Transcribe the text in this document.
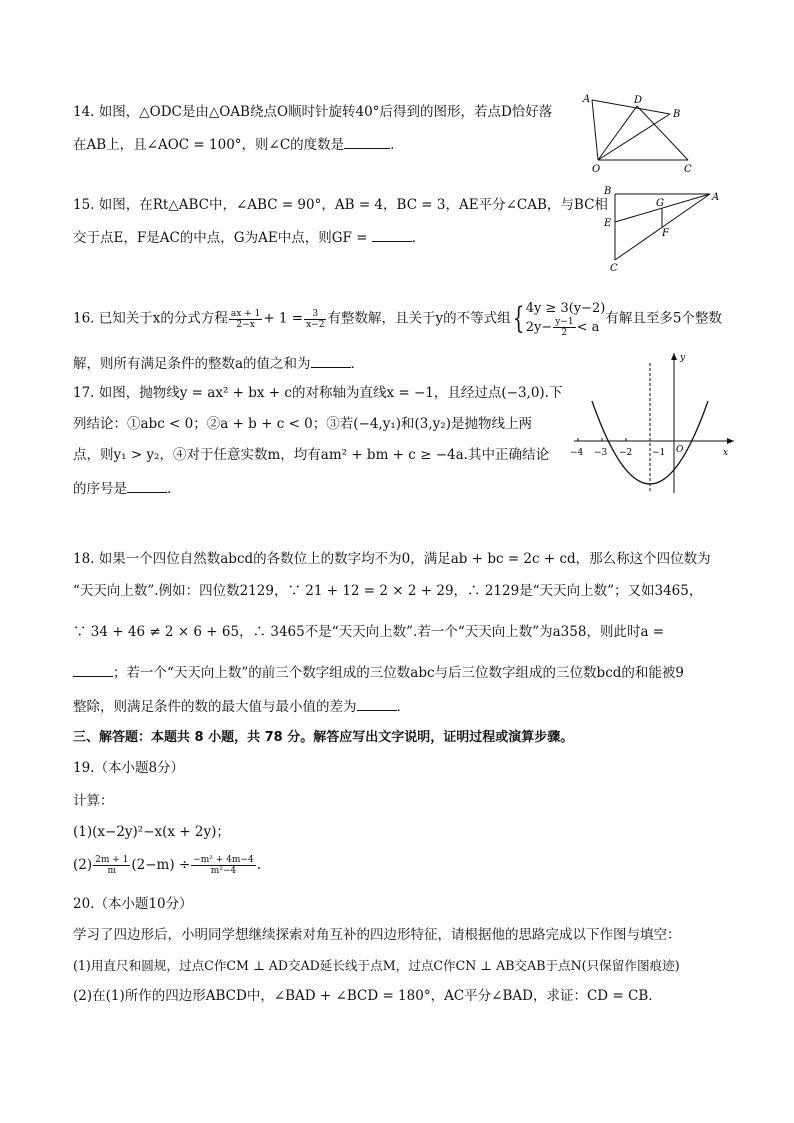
14. 如图，△ODC是由△OAB绕点O顺时针旋转40°后得到的图形，若点D恰好落
在AB上，且∠AOC = 100°，则∠C的度数是	．
A	D
B
O	C
15. 如图，在Rt△ABC中，∠ABC = 90°，AB = 4，BC = 3，AE平分∠CAB，与BC相
交于点E，F是AC的中点，G为AE中点，则GF =	．
B
A
G
E
F
C
16. 已知关于x的分式方程 $\frac{ax + 1}{2-x} + 1 = \frac{3}{x-2}$ 有整数解，且关于y的不等式组{ 4y ≥ 3(y−2)
$2y- \frac{y-1}{2} < a$
有解且至多5个整数
解，则所有满足条件的整数a的值之和为	．
17. 如图，抛物线y = ax² + bx + c的对称轴为直线x = −1，且经过点(−3,0).下
列结论：①abc < 0；②a + b + c < 0；③若(−4,y₁)和(3,y₂)是抛物线上两
点，则y₁ > y₂，④对于任意实数m，均有am² + bm + c ≥ −4a.其中正确结论
的序号是	．
−4 −3 −2 −1 O
y
x
18. 如果一个四位自然数abcd的各数位上的数字均不为0，满足ab + bc = 2c + cd，那么称这个四位数为
“天天向上数”.例如：四位数2129，∵ 21 + 12 = 2 × 2 + 29，∴ 2129是“天天向上数”；又如3465，
∵ 34 + 46 ≠ 2 × 6 + 65，∴ 3465不是“天天向上数”.若一个“天天向上数”为a358，则此时a =
；若一个“天天向上数”的前三个数字组成的三位数abc与后三位数字组成的三位数bcd的和能被9
整除，则满足条件的数的最大值与最小值的差为	．
三、解答题：本题共 8 小题，共 78 分。解答应写出文字说明，证明过程或演算步骤。
19.（本小题8分）
计算：
(1)(x−2y)²−x(x + 2y)；
$(2) \frac{2m + 1}{m} (2-m) \div \frac{\text{−m² + 4m−4}}{\text{m²−4}}$ .
20.（本小题10分）
学习了四边形后，小明同学想继续探索对角互补的四边形特征，请根据他的思路完成以下作图与填空：
(1)用直尺和圆规，过点C作CM ⊥ AD交AD延长线于点M，过点C作CN ⊥ AB交AB于点N(只保留作图痕迹)
(2)在(1)所作的四边形ABCD中，∠BAD + ∠BCD = 180°，AC平分∠BAD，求证：CD = CB．
